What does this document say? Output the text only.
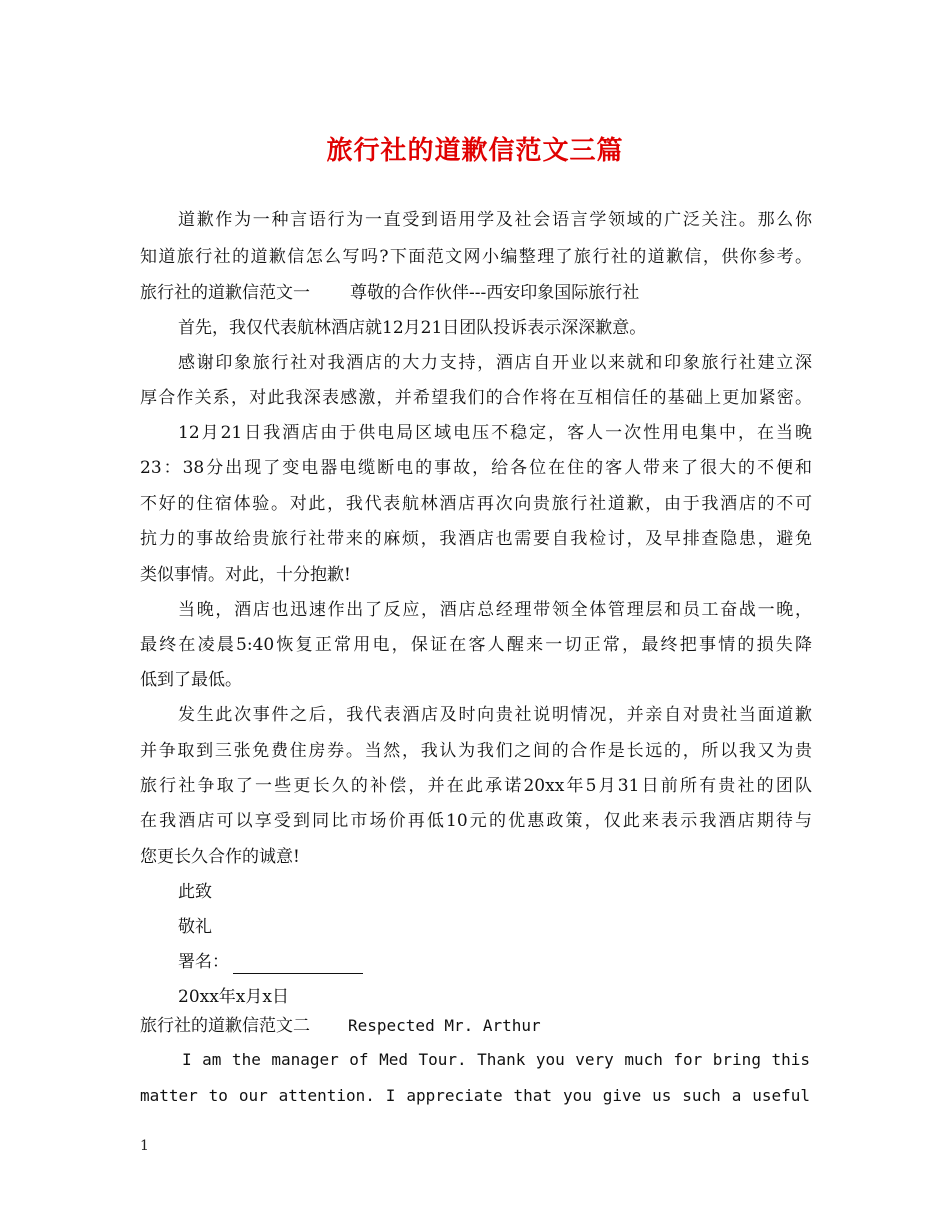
旅行社的道歉信范文三篇
道歉作为一种言语行为一直受到语用学及社会语言学领域的广泛关注。那么你
知道旅行社的道歉信怎么写吗?下面范文网小编整理了旅行社的道歉信，供你参考。
旅行社的道歉信范文一 尊敬的合作伙伴---西安印象国际旅行社
首先，我仅代表航林酒店就12月21日团队投诉表示深深歉意。
感谢印象旅行社对我酒店的大力支持，酒店自开业以来就和印象旅行社建立深
厚合作关系，对此我深表感激，并希望我们的合作将在互相信任的基础上更加紧密。
12月21日我酒店由于供电局区域电压不稳定，客人一次性用电集中，在当晚
23：38分出现了变电器电缆断电的事故，给各位在住的客人带来了很大的不便和
不好的住宿体验。对此，我代表航林酒店再次向贵旅行社道歉，由于我酒店的不可
抗力的事故给贵旅行社带来的麻烦，我酒店也需要自我检讨，及早排查隐患，避免
类似事情。对此，十分抱歉!
当晚，酒店也迅速作出了反应，酒店总经理带领全体管理层和员工奋战一晚，
最终在凌晨5:40恢复正常用电，保证在客人醒来一切正常，最终把事情的损失降
低到了最低。
发生此次事件之后，我代表酒店及时向贵社说明情况，并亲自对贵社当面道歉
并争取到三张免费住房券。当然，我认为我们之间的合作是长远的，所以我又为贵
旅行社争取了一些更长久的补偿，并在此承诺20xx年5月31日前所有贵社的团队
在我酒店可以享受到同比市场价再低10元的优惠政策，仅此来表示我酒店期待与
您更长久合作的诚意!
此致
敬礼
署名：
20xx年x月x日
旅行社的道歉信范文二 Respected Mr. Arthur
I am the manager of Med Tour. Thank you very much for bring this
matter to our attention. I appreciate that you give us such a useful
1
